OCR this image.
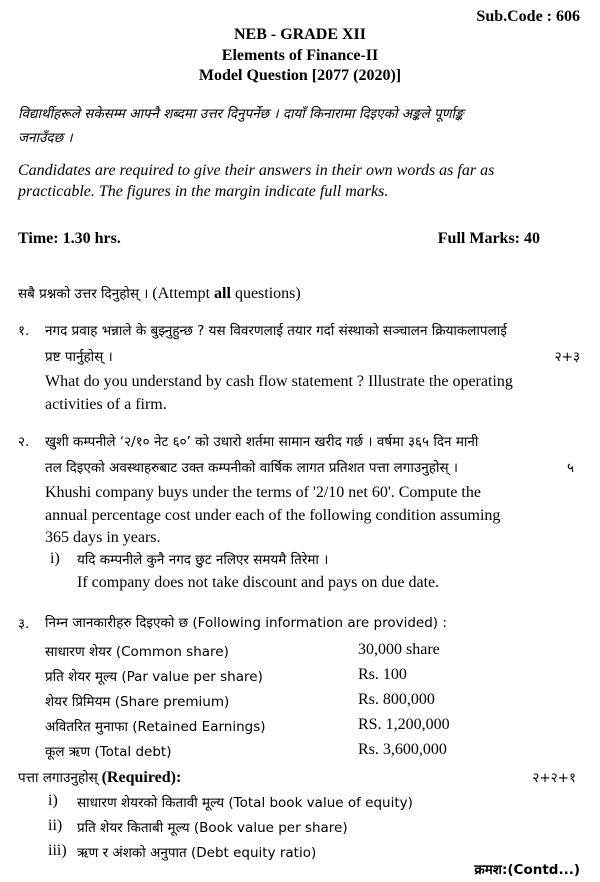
Sub.Code : 606
NEB - GRADE XII
Elements of Finance-II
Model Question [2077 (2020)]
विद्यार्थीहरूले सकेसम्म आफ्नै शब्दमा उत्तर दिनुपर्नेछ । दायाँ किनारामा दिइएको अङ्कले पूर्णाङ्क
जनाउँदछ ।
Candidates are required to give their answers in their own words as far as
practicable. The figures in the margin indicate full marks.
Time: 1.30 hrs.	Full Marks: 40
सबै प्रश्नको उत्तर दिनुहोस् । (Attempt all questions)
१. नगद प्रवाह भन्नाले के बुझ्नुहुन्छ ? यस विवरणलाई तयार गर्दा संस्थाको सञ्चालन क्रियाकलापलाई
प्रष्ट पार्नुहोस् ।	२+३
What do you understand by cash flow statement ? Illustrate the operating
activities of a firm.
२. खुशी कम्पनीले ‘२/१० नेट ६०’ को उधारो शर्तमा सामान खरीद गर्छ । वर्षमा ३६५ दिन मानी
तल दिइएको अवस्थाहरुबाट उक्त कम्पनीको वार्षिक लागत प्रतिशत पत्ता लगाउनुहोस् ।	५
Khushi company buys under the terms of '2/10 net 60'. Compute the
annual percentage cost under each of the following condition assuming
365 days in years.
i) यदि कम्पनीले कुनै नगद छुट नलिएर समयमै तिरेमा ।
If company does not take discount and pays on due date.
३. निम्न जानकारीहरु दिइएको छ (Following information are provided) :
साधारण शेयर (Common share)	30,000 share
प्रति शेयर मूल्य (Par value per share)	Rs. 100
शेयर प्रिमियम (Share premium)	Rs. 800,000
अवितरित मुनाफा (Retained Earnings)	RS. 1,200,000
कूल ऋण (Total debt)	Rs. 3,600,000
पत्ता लगाउनुहोस् (Required):	२+२+१
i) साधारण शेयरको कितावी मूल्य (Total book value of equity)
ii) प्रति शेयर किताबी मूल्य (Book value per share)
iii) ऋण र अंशको अनुपात (Debt equity ratio)
क्रमश:(Contd...)
